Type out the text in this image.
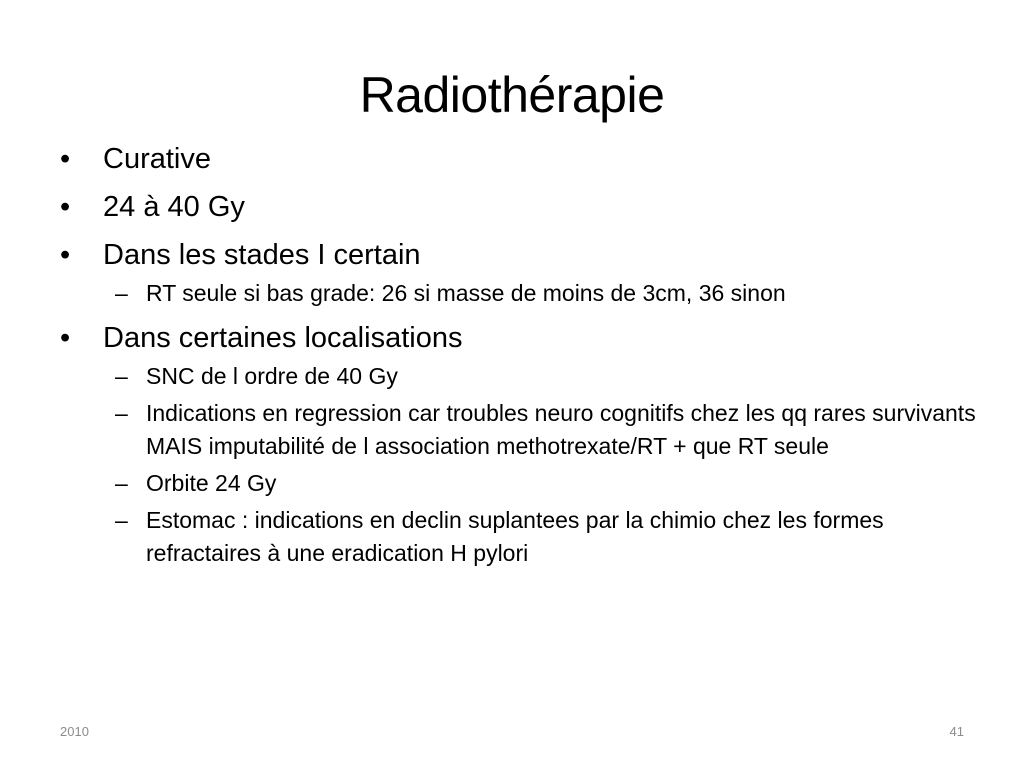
Radiothérapie
•	Curative
•	24 à 40 Gy
•	Dans les stades I certain
– RT seule si bas grade: 26 si masse de moins de 3cm, 36 sinon
•	Dans certaines localisations
– SNC de l ordre de 40 Gy
– Indications en regression car troubles neuro cognitifs chez les qq rares survivants MAIS imputabilité de l association methotrexate/RT + que RT seule
– Orbite 24 Gy
– Estomac : indications en declin suplantees par la chimio chez les formes refractaires à une eradication H pylori
2010	41
